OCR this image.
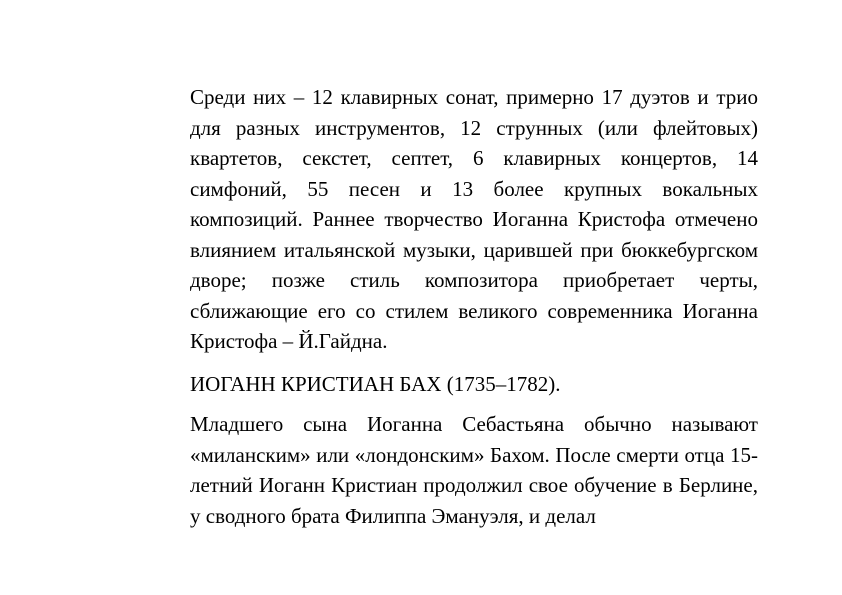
Среди них – 12 клавирных сонат, примерно 17 дуэтов и трио для разных инструментов, 12 струнных (или флейтовых) квартетов, секстет, септет, 6 клавирных концертов, 14 симфоний, 55 песен и 13 более крупных вокальных композиций. Раннее творчество Иоганна Кристофа отмечено влиянием итальянской музыки, царившей при бюккебургском дворе; позже стиль композитора приобретает черты, сближающие его со стилем великого современника Иоганна Кристофа – Й.Гайдна.

ИОГАНН КРИСТИАН БАХ (1735–1782).

Младшего сына Иоганна Себастьяна обычно называют «миланским» или «лондонским» Бахом. После смерти отца 15-летний Иоганн Кристиан продолжил свое обучение в Берлине, у сводного брата Филиппа Эмануэля, и делал
